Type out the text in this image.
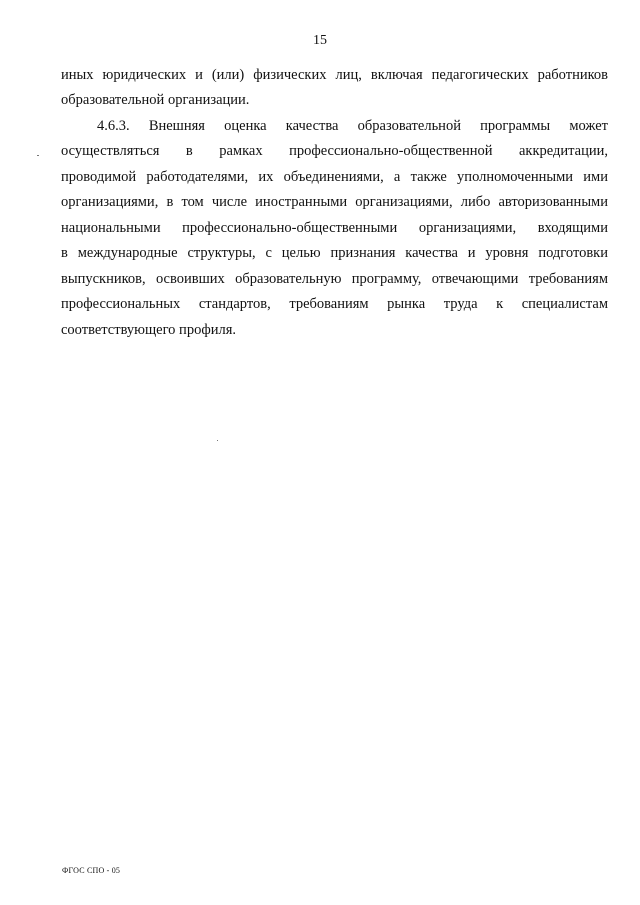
15
иных юридических и (или) физических лиц, включая педагогических работников
образовательной организации.
4.6.3. Внешняя оценка качества образовательной программы может
осуществляться в рамках профессионально-общественной аккредитации,
проводимой работодателями, их объединениями, а также уполномоченными ими
организациями, в том числе иностранными организациями, либо авторизованными
национальными профессионально-общественными организациями, входящими
в международные структуры, с целью признания качества и уровня подготовки
выпускников, освоивших образовательную программу, отвечающими требованиям
профессиональных стандартов, требованиям рынка труда к специалистам
соответствующего профиля.
ФГОС СПО - 05
